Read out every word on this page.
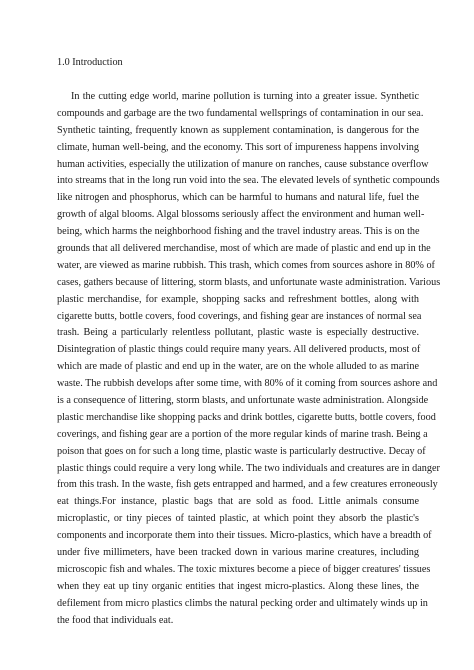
1.0 Introduction
In the cutting edge world, marine pollution is turning into a greater issue. Synthetic
compounds and garbage are the two fundamental wellsprings of contamination in our sea.
Synthetic tainting, frequently known as supplement contamination, is dangerous for the
climate, human well-being, and the economy. This sort of impureness happens involving
human activities, especially the utilization of manure on ranches, cause substance overflow
into streams that in the long run void into the sea. The elevated levels of synthetic compounds
like nitrogen and phosphorus, which can be harmful to humans and natural life, fuel the
growth of algal blooms. Algal blossoms seriously affect the environment and human well-
being, which harms the neighborhood fishing and the travel industry areas. This is on the
grounds that all delivered merchandise, most of which are made of plastic and end up in the
water, are viewed as marine rubbish. This trash, which comes from sources ashore in 80% of
cases, gathers because of littering, storm blasts, and unfortunate waste administration. Various
plastic merchandise, for example, shopping sacks and refreshment bottles, along with
cigarette butts, bottle covers, food coverings, and fishing gear are instances of normal sea
trash. Being a particularly relentless pollutant, plastic waste is especially destructive.
Disintegration of plastic things could require many years. All delivered products, most of
which are made of plastic and end up in the water, are on the whole alluded to as marine
waste. The rubbish develops after some time, with 80% of it coming from sources ashore and
is a consequence of littering, storm blasts, and unfortunate waste administration. Alongside
plastic merchandise like shopping packs and drink bottles, cigarette butts, bottle covers, food
coverings, and fishing gear are a portion of the more regular kinds of marine trash. Being a
poison that goes on for such a long time, plastic waste is particularly destructive. Decay of
plastic things could require a very long while. The two individuals and creatures are in danger
from this trash. In the waste, fish gets entrapped and harmed, and a few creatures erroneously
eat things.For instance, plastic bags that are sold as food. Little animals consume
microplastic, or tiny pieces of tainted plastic, at which point they absorb the plastic's
components and incorporate them into their tissues. Micro-plastics, which have a breadth of
under five millimeters, have been tracked down in various marine creatures, including
microscopic fish and whales. The toxic mixtures become a piece of bigger creatures' tissues
when they eat up tiny organic entities that ingest micro-plastics. Along these lines, the
defilement from micro plastics climbs the natural pecking order and ultimately winds up in
the food that individuals eat.
